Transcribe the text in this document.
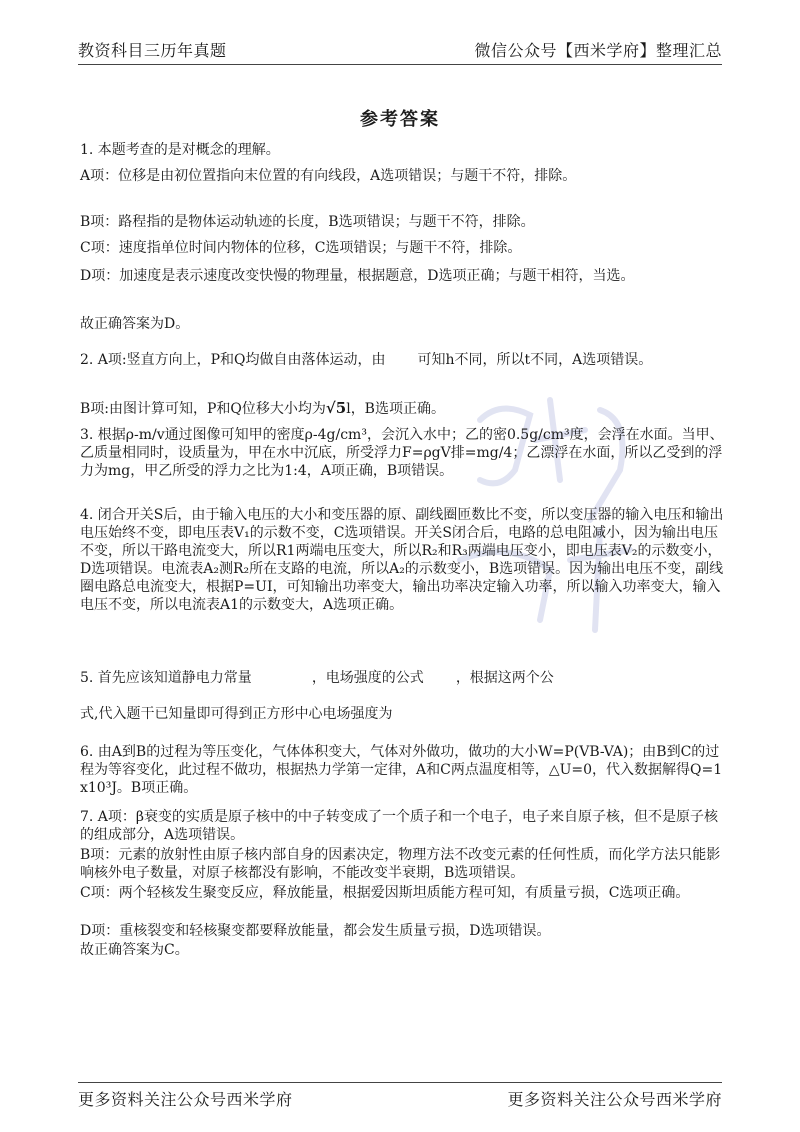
教资科目三历年真题	微信公众号【西米学府】整理汇总
参考答案
1. 本题考查的是对概念的理解。
A项：位移是由初位置指向末位置的有向线段，A选项错误；与题干不符，排除。
B项：路程指的是物体运动轨迹的长度，B选项错误；与题干不符，排除。
C项：速度指单位时间内物体的位移，C选项错误；与题干不符，排除。
D项：加速度是表示速度改变快慢的物理量，根据题意，D选项正确；与题干相符，当选。
故正确答案为D。
2. A项:竖直方向上，P和Q均做自由落体运动，由 可知h不同，所以t不同，A选项错误。
B项:由图计算可知，P和Q位移大小均为√5l，B选项正确。
3. 根据ρ-m/v通过图像可知甲的密度ρ-4g/cm³，会沉入水中；乙的密0.5g/cm³度，会浮在水面。当甲、乙质量相同时，设质量为，甲在水中沉底，所受浮力F=ρgV排=mg/4；乙漂浮在水面，所以乙受到的浮力为mg，甲乙所受的浮力之比为1:4，A项正确，B项错误。
4. 闭合开关S后，由于输入电压的大小和变压器的原、副线圈匝数比不变，所以变压器的输入电压和输出电压始终不变，即电压表V₁的示数不变，C选项错误。开关S闭合后，电路的总电阻减小，因为输出电压不变，所以干路电流变大，所以R1两端电压变大，所以R₂和R₃两端电压变小，即电压表V₂的示数变小，D选项错误。电流表A₂测R₂所在支路的电流，所以A₂的示数变小，B选项错误。因为输出电压不变，副线圈电路总电流变大，根据P=UI，可知输出功率变大，输出功率决定输入功率，所以输入功率变大，输入电压不变，所以电流表A1的示数变大，A选项正确。
5. 首先应该知道静电力常量	，电场强度的公式 ，根据这两个公
式,代入题干已知量即可得到正方形中心电场强度为
6. 由A到B的过程为等压变化，气体体积变大，气体对外做功，做功的大小W=P(VB-VA)；由B到C的过程为等容变化，此过程不做功，根据热力学第一定律，A和C两点温度相等，△U=0，代入数据解得Q=1 x10³J。B项正确。
7. A项：β衰变的实质是原子核中的中子转变成了一个质子和一个电子，电子来自原子核，但不是原子核的组成部分，A选项错误。
B项：元素的放射性由原子核内部自身的因素决定，物理方法不改变元素的任何性质，而化学方法只能影响核外电子数量，对原子核都没有影响，不能改变半衰期，B选项错误。
C项：两个轻核发生聚变反应，释放能量，根据爱因斯坦质能方程可知，有质量亏损，C选项正确。
D项：重核裂变和轻核聚变都要释放能量，都会发生质量亏损，D选项错误。
故正确答案为C。
更多资料关注公众号西米学府	更多资料关注公众号西米学府
